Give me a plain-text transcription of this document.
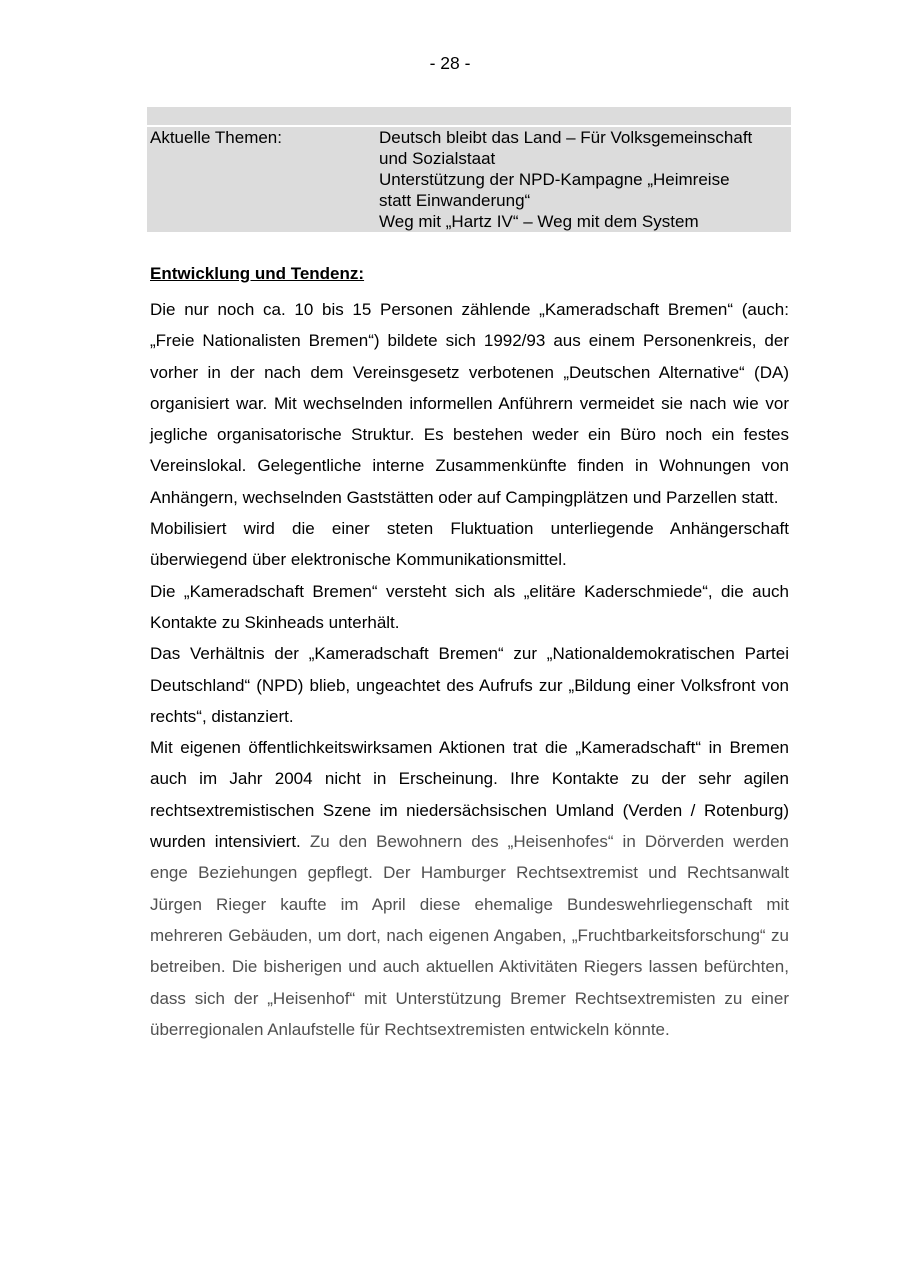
- 28 -
Aktuelle Themen:	Deutsch bleibt das Land – Für Volksgemeinschaft
und Sozialstaat
Unterstützung der NPD-Kampagne „Heimreise
statt Einwanderung“
Weg mit „Hartz IV“ – Weg mit dem System

Entwicklung und Tendenz:

Die nur noch ca. 10 bis 15 Personen zählende „Kameradschaft Bremen“ (auch: „Freie Nationalisten Bremen“) bildete sich 1992/93 aus einem Personenkreis, der vorher in der nach dem Vereinsgesetz verbotenen „Deutschen Alternative“ (DA) organisiert war. Mit wechselnden informellen Anführern vermeidet sie nach wie vor jegliche organisatorische Struktur. Es bestehen weder ein Büro noch ein festes Vereinslokal. Gelegentliche interne Zusammenkünfte finden in Wohnungen von Anhängern, wechselnden Gaststätten oder auf Campingplätzen und Parzellen statt.

Mobilisiert wird die einer steten Fluktuation unterliegende Anhängerschaft überwiegend über elektronische Kommunikationsmittel.

Die „Kameradschaft Bremen“ versteht sich als „elitäre Kaderschmiede“, die auch Kontakte zu Skinheads unterhält.

Das Verhältnis der „Kameradschaft Bremen“ zur „Nationaldemokratischen Partei Deutschland“ (NPD) blieb, ungeachtet des Aufrufs zur „Bildung einer Volksfront von rechts“, distanziert.

Mit eigenen öffentlichkeitswirksamen Aktionen trat die „Kameradschaft“ in Bremen auch im Jahr 2004 nicht in Erscheinung. Ihre Kontakte zu der sehr agilen rechtsextremistischen Szene im niedersächsischen Umland (Verden / Rotenburg) wurden intensiviert. Zu den Bewohnern des „Heisenhofes“ in Dörverden werden enge Beziehungen gepflegt. Der Hamburger Rechtsextremist und Rechtsanwalt Jürgen Rieger kaufte im April diese ehemalige Bundeswehrliegenschaft mit mehreren Gebäuden, um dort, nach eigenen Angaben, „Fruchtbarkeitsforschung“ zu betreiben. Die bisherigen und auch aktuellen Aktivitäten Riegers lassen befürchten, dass sich der „Heisenhof“ mit Unterstützung Bremer Rechtsextremisten zu einer überregionalen Anlaufstelle für Rechtsextremisten entwickeln könnte.
